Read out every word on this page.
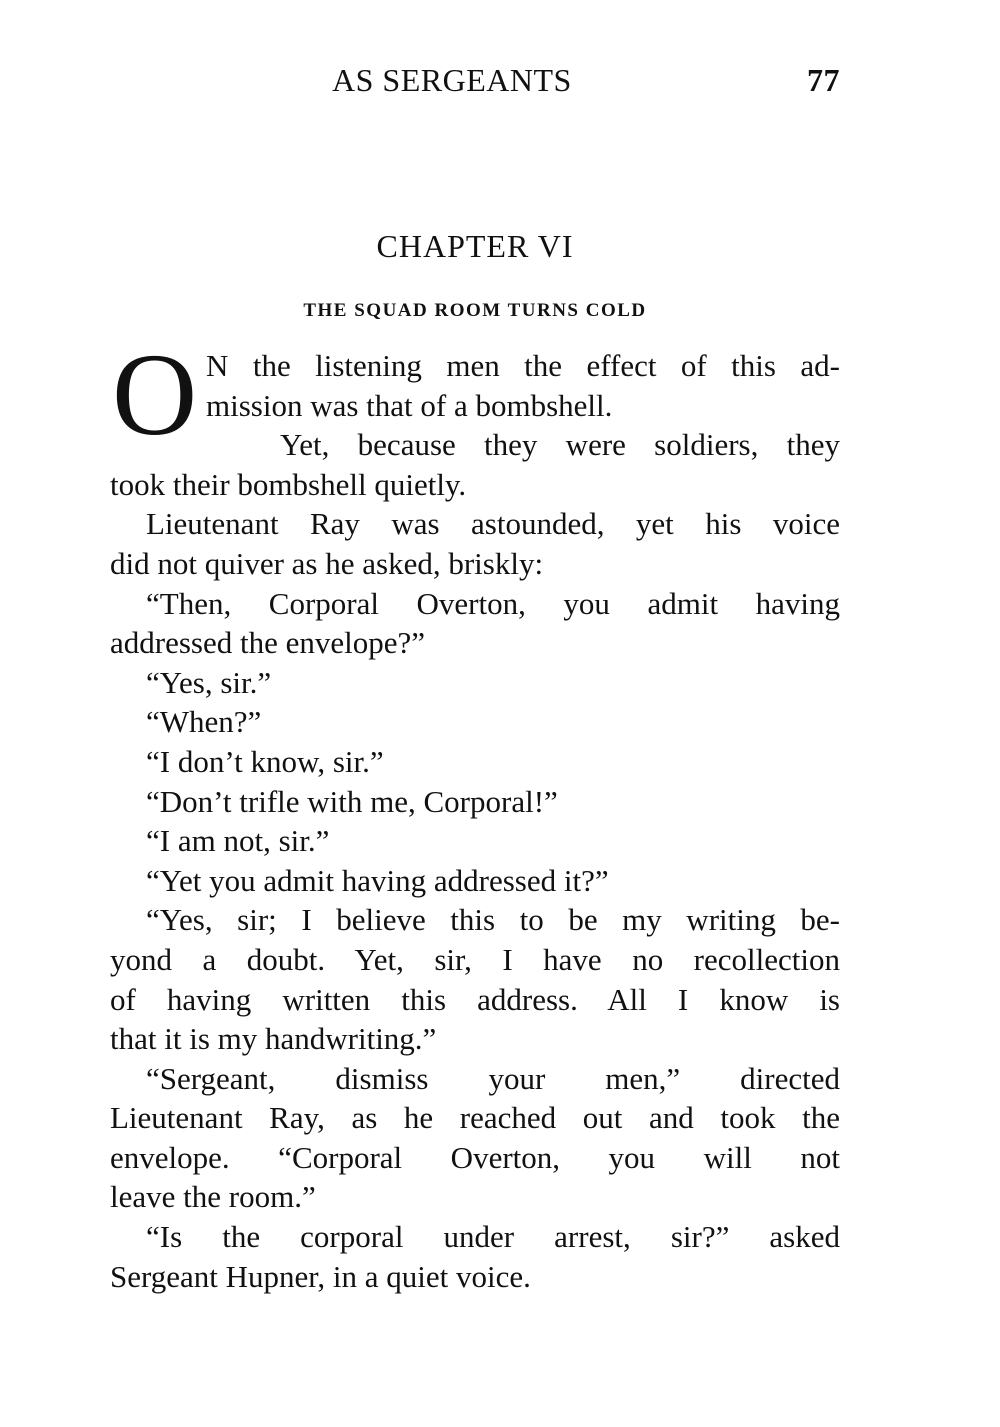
AS SERGEANTS	77
CHAPTER VI
THE SQUAD ROOM TURNS COLD
O N the listening men the effect of this ad-
mission was that of a bombshell.
Yet, because they were soldiers, they
took their bombshell quietly.
Lieutenant Ray was astounded, yet his voice
did not quiver as he asked, briskly:
“Then, Corporal Overton, you admit having
addressed the envelope?”
“Yes, sir.”
“When?”
“I don’t know, sir.”
“Don’t trifle with me, Corporal!”
“I am not, sir.”
“Yet you admit having addressed it?”
“Yes, sir; I believe this to be my writing be-
yond a doubt. Yet, sir, I have no recollection
of having written this address. All I know is
that it is my handwriting.”
“Sergeant, dismiss your men,” directed
Lieutenant Ray, as he reached out and took the
envelope. “Corporal Overton, you will not
leave the room.”
“Is the corporal under arrest, sir?” asked
Sergeant Hupner, in a quiet voice.
